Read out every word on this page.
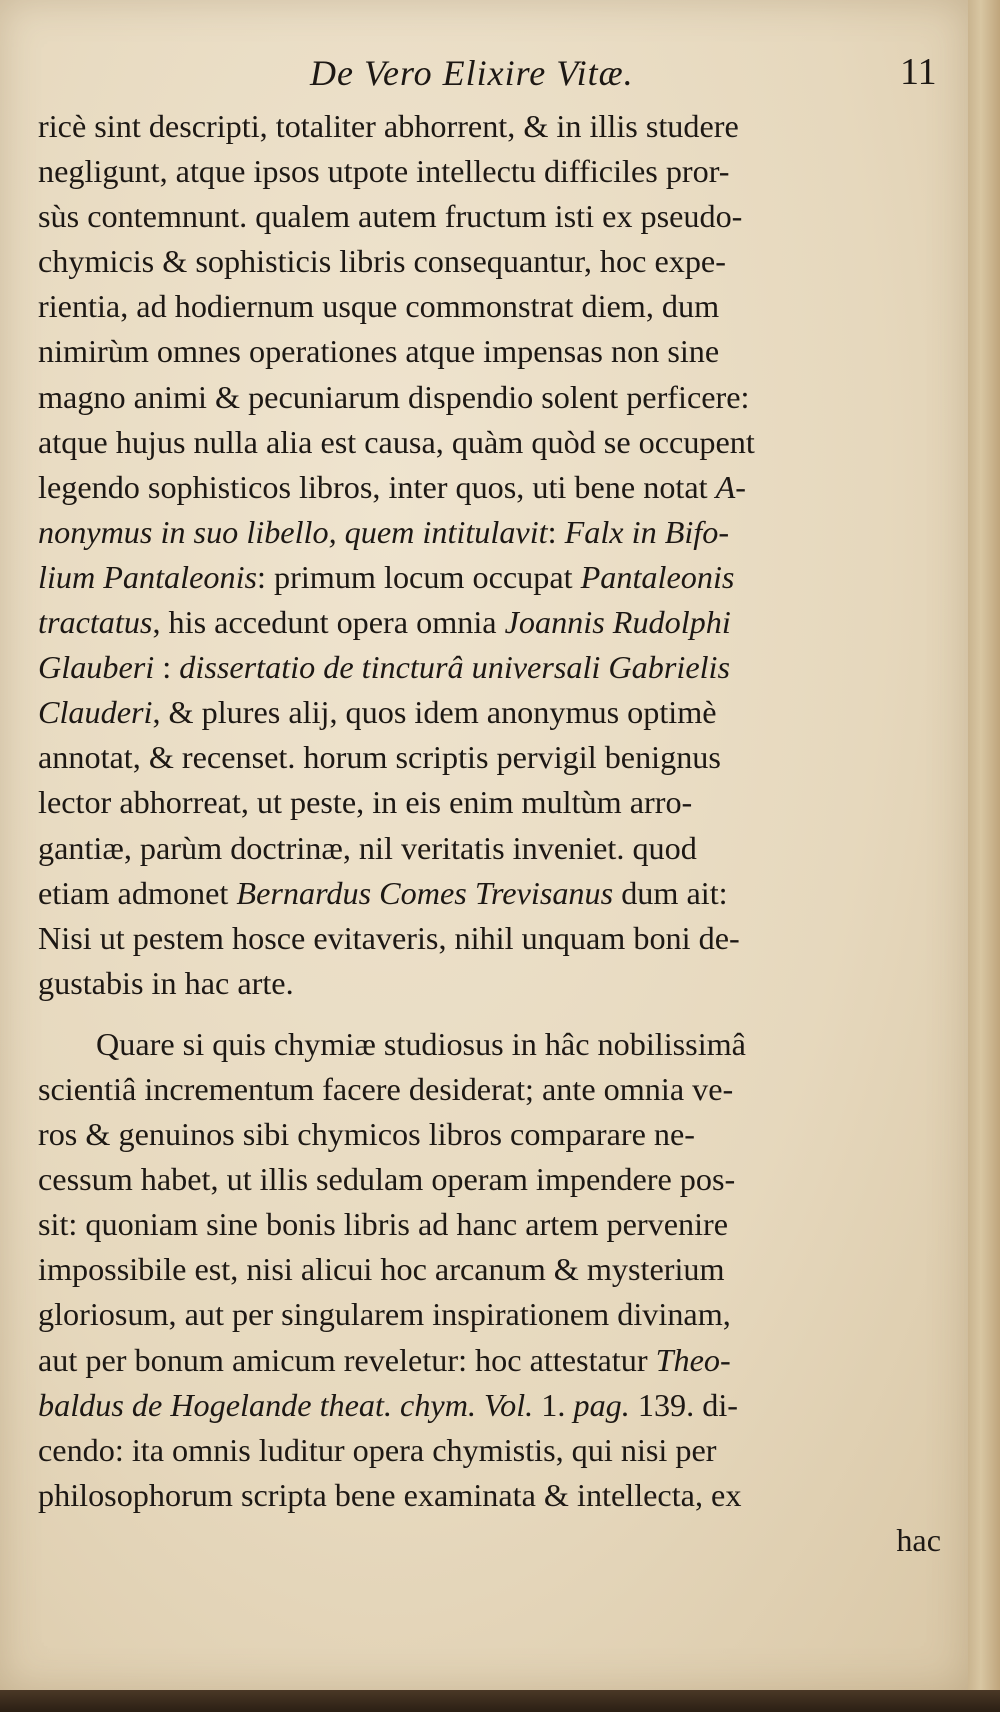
De Vero Elixire Vitæ.	11
ricè sint descripti, totaliter abhorrent, & in illis studere
negligunt, atque ipsos utpote intellectu difficiles pror-
sùs contemnunt. qualem autem fructum isti ex pseudo-
chymicis & sophisticis libris consequantur, hoc expe-
rientia, ad hodiernum usque commonstrat diem, dum
nimirùm omnes operationes atque impensas non sine
magno animi & pecuniarum dispendio solent perficere:
atque hujus nulla alia est causa, quàm quòd se occupent
legendo sophisticos libros, inter quos, uti bene notat A-
nonymus in suo libello, quem intitulavit: Falx in Bifo-
lium Pantaleonis: primum locum occupat Pantaleonis
tractatus, his accedunt opera omnia Joannis Rudolphi
Glauberi : dissertatio de tincturâ universali Gabrielis
Clauderi, & plures alij, quos idem anonymus optimè
annotat, & recenset. horum scriptis pervigil benignus
lector abhorreat, ut peste, in eis enim multùm arro-
gantiæ, parùm doctrinæ, nil veritatis inveniet. quod
etiam admonet Bernardus Comes Trevisanus dum ait:
Nisi ut pestem hosce evitaveris, nihil unquam boni de-
gustabis in hac arte.
Quare si quis chymiæ studiosus in hâc nobilissimâ
scientiâ incrementum facere desiderat; ante omnia ve-
ros & genuinos sibi chymicos libros comparare ne-
cessum habet, ut illis sedulam operam impendere pos-
sit: quoniam sine bonis libris ad hanc artem pervenire
impossibile est, nisi alicui hoc arcanum & mysterium
gloriosum, aut per singularem inspirationem divinam,
aut per bonum amicum reveletur: hoc attestatur Theo-
baldus de Hogelande theat. chym. Vol. 1. pag. 139. di-
cendo: ita omnis luditur opera chymistis, qui nisi per
philosophorum scripta bene examinata & intellecta, ex
hac
